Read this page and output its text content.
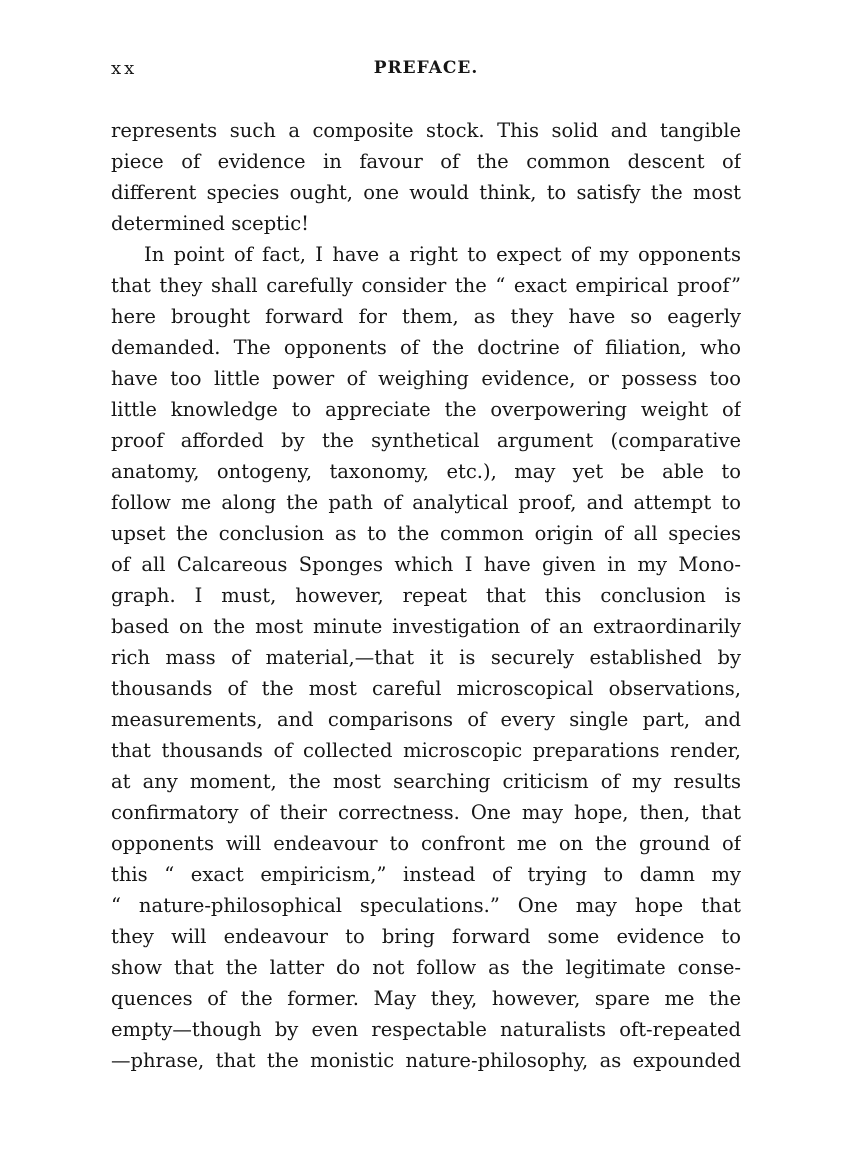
xx	PREFACE.
represents such a composite stock. This solid and tangible
piece of evidence in favour of the common descent of
different species ought, one would think, to satisfy the most
determined sceptic!
In point of fact, I have a right to expect of my opponents
that they shall carefully consider the “ exact empirical proof”
here brought forward for them, as they have so eagerly
demanded. The opponents of the doctrine of filiation, who
have too little power of weighing evidence, or possess too
little knowledge to appreciate the overpowering weight of
proof afforded by the synthetical argument (comparative
anatomy, ontogeny, taxonomy, etc.), may yet be able to
follow me along the path of analytical proof, and attempt to
upset the conclusion as to the common origin of all species
of all Calcareous Sponges which I have given in my Mono-
graph. I must, however, repeat that this conclusion is
based on the most minute investigation of an extraordinarily
rich mass of material,—that it is securely established by
thousands of the most careful microscopical observations,
measurements, and comparisons of every single part, and
that thousands of collected microscopic preparations render,
at any moment, the most searching criticism of my results
confirmatory of their correctness. One may hope, then, that
opponents will endeavour to confront me on the ground of
this “ exact empiricism,” instead of trying to damn my
“ nature-philosophical speculations.” One may hope that
they will endeavour to bring forward some evidence to
show that the latter do not follow as the legitimate conse-
quences of the former. May they, however, spare me the
empty—though by even respectable naturalists oft-repeated
—phrase, that the monistic nature-philosophy, as expounded
